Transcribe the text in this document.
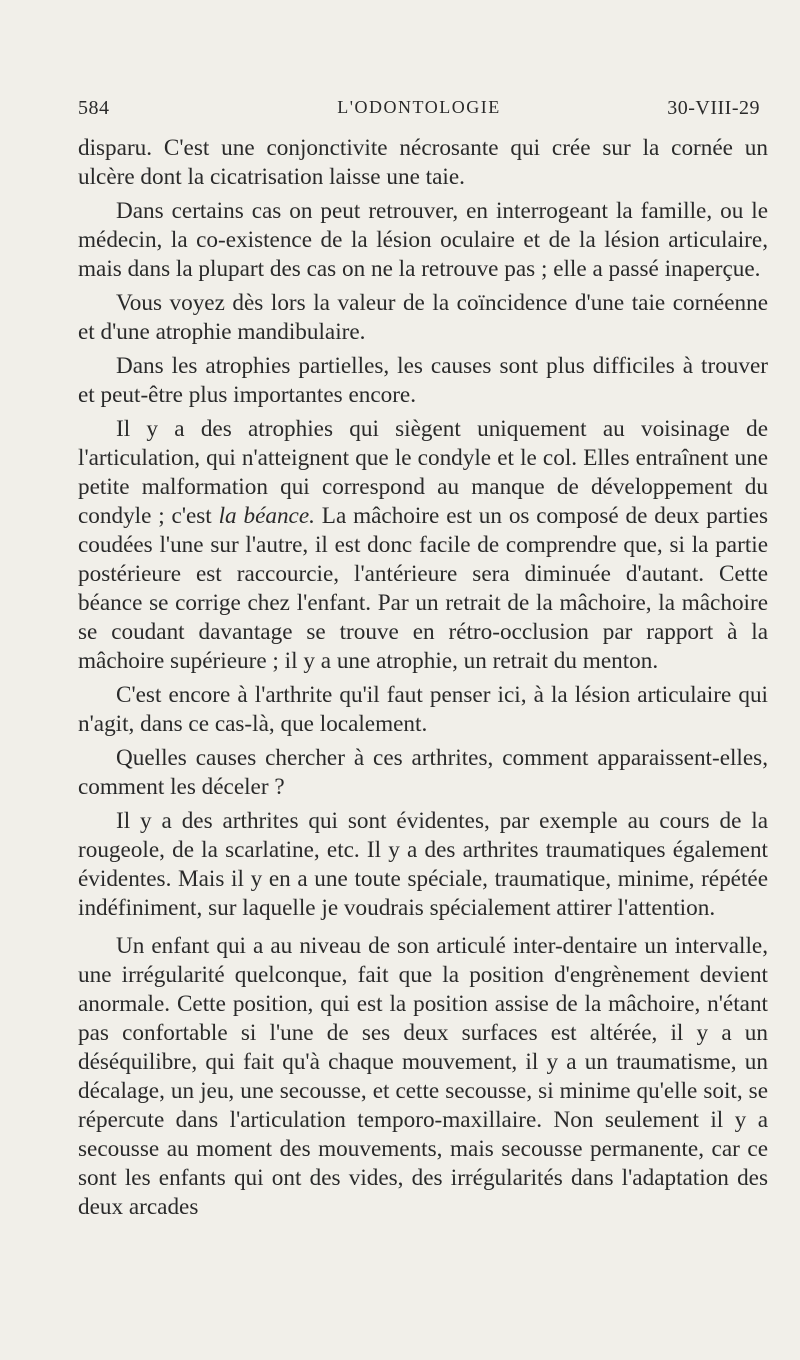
584	L'ODONTOLOGIE	30-VIII-29

disparu. C'est une conjonctivite nécrosante qui crée sur la cornée un ulcère dont la cicatrisation laisse une taie.

Dans certains cas on peut retrouver, en interrogeant la famille, ou le médecin, la co-existence de la lésion oculaire et de la lésion articulaire, mais dans la plupart des cas on ne la retrouve pas ; elle a passé inaperçue.

Vous voyez dès lors la valeur de la coïncidence d'une taie cornéenne et d'une atrophie mandibulaire.

Dans les atrophies partielles, les causes sont plus difficiles à trouver et peut-être plus importantes encore.

Il y a des atrophies qui siègent uniquement au voisinage de l'articulation, qui n'atteignent que le condyle et le col. Elles entraînent une petite malformation qui correspond au manque de développement du condyle ; c'est la béance. La mâchoire est un os composé de deux parties coudées l'une sur l'autre, il est donc facile de comprendre que, si la partie postérieure est raccourcie, l'antérieure sera diminuée d'autant. Cette béance se corrige chez l'enfant. Par un retrait de la mâchoire, la mâchoire se coudant davantage se trouve en rétro-occlusion par rapport à la mâchoire supérieure ; il y a une atrophie, un retrait du menton.

C'est encore à l'arthrite qu'il faut penser ici, à la lésion articulaire qui n'agit, dans ce cas-là, que localement.

Quelles causes chercher à ces arthrites, comment apparaissent-elles, comment les déceler ?

Il y a des arthrites qui sont évidentes, par exemple au cours de la rougeole, de la scarlatine, etc. Il y a des arthrites traumatiques également évidentes. Mais il y en a une toute spéciale, traumatique, minime, répétée indéfiniment, sur laquelle je voudrais spécialement attirer l'attention.

Un enfant qui a au niveau de son articulé inter-dentaire un intervalle, une irrégularité quelconque, fait que la position d'engrènement devient anormale. Cette position, qui est la position assise de la mâchoire, n'étant pas confortable si l'une de ses deux surfaces est altérée, il y a un déséquilibre, qui fait qu'à chaque mouvement, il y a un traumatisme, un décalage, un jeu, une secousse, et cette secousse, si minime qu'elle soit, se répercute dans l'articulation temporo-maxillaire. Non seulement il y a secousse au moment des mouvements, mais secousse permanente, car ce sont les enfants qui ont des vides, des irrégularités dans l'adaptation des deux arcades
